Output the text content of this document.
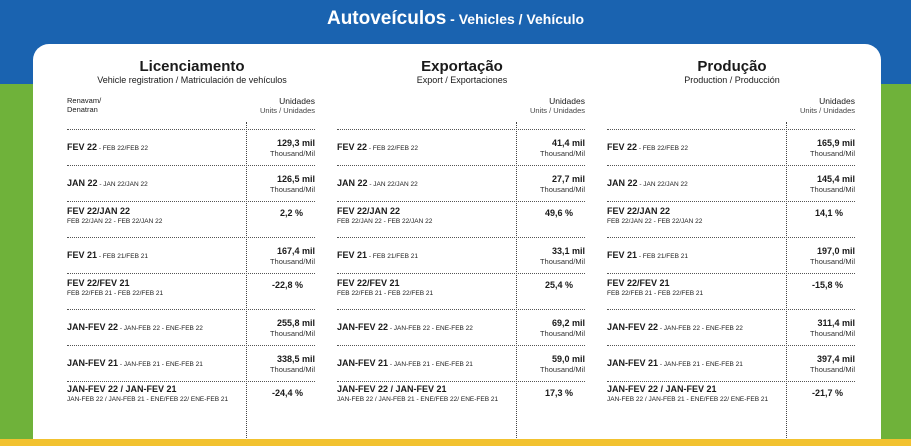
Autoveículos - Vehicles / Vehículo
Licenciamento
Vehicle registration / Matriculación de vehículos
Renavam/
Denatran
Unidades
Units / Unidades
FEV 22 - FEB 22/FEB 22
129,3 mil
Thousand/Mil
JAN 22 - JAN 22/JAN 22
126,5 mil
Thousand/Mil
FEV 22/JAN 22
FEB 22/JAN 22 - FEB 22/JAN 22
2,2 %
FEV 21 - FEB 21/FEB 21
167,4 mil
Thousand/Mil
FEV 22/FEV 21
FEB 22/FEB 21 - FEB 22/FEB 21
-22,8 %
JAN-FEV 22 - JAN-FEB 22 - ENE-FEB 22
255,8 mil
Thousand/Mil
JAN-FEV 21 - JAN-FEB 21 - ENE-FEB 21
338,5 mil
Thousand/Mil
JAN-FEV 22 / JAN-FEV 21
JAN-FEB 22 / JAN-FEB 21 - ENE/FEB 22/ ENE-FEB 21
-24,4 %
Exportação
Export / Exportaciones
Unidades
Units / Unidades
FEV 22 - FEB 22/FEB 22
41,4 mil
Thousand/Mil
JAN 22 - JAN 22/JAN 22
27,7 mil
Thousand/Mil
FEV 22/JAN 22
FEB 22/JAN 22 - FEB 22/JAN 22
49,6 %
FEV 21 - FEB 21/FEB 21
33,1 mil
Thousand/Mil
FEV 22/FEV 21
FEB 22/FEB 21 - FEB 22/FEB 21
25,4 %
JAN-FEV 22 - JAN-FEB 22 - ENE-FEB 22
69,2 mil
Thousand/Mil
JAN-FEV 21 - JAN-FEB 21 - ENE-FEB 21
59,0 mil
Thousand/Mil
JAN-FEV 22 / JAN-FEV 21
JAN-FEB 22 / JAN-FEB 21 - ENE/FEB 22/ ENE-FEB 21
17,3 %
Produção
Production / Producción
Unidades
Units / Unidades
FEV 22 - FEB 22/FEB 22
165,9 mil
Thousand/Mil
JAN 22 - JAN 22/JAN 22
145,4 mil
Thousand/Mil
FEV 22/JAN 22
FEB 22/JAN 22 - FEB 22/JAN 22
14,1 %
FEV 21 - FEB 21/FEB 21
197,0 mil
Thousand/Mil
FEV 22/FEV 21
FEB 22/FEB 21 - FEB 22/FEB 21
-15,8 %
JAN-FEV 22 - JAN-FEB 22 - ENE-FEB 22
311,4 mil
Thousand/Mil
JAN-FEV 21 - JAN-FEB 21 - ENE-FEB 21
397,4 mil
Thousand/Mil
JAN-FEV 22 / JAN-FEV 21
JAN-FEB 22 / JAN-FEB 21 - ENE/FEB 22/ ENE-FEB 21
-21,7 %
